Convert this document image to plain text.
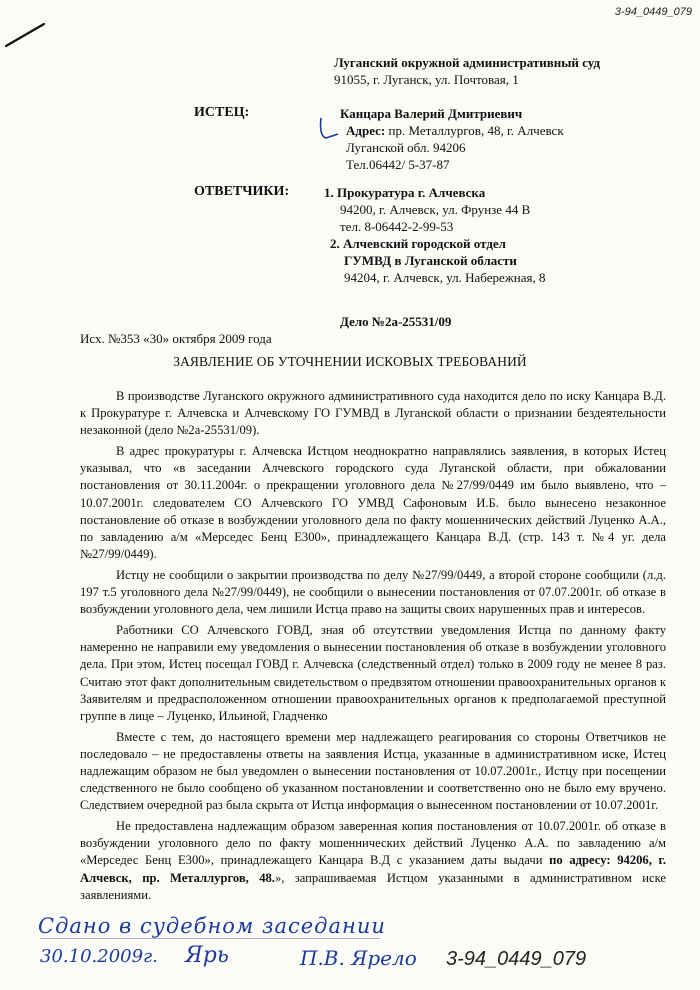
3-94_0449_079
Луганский окружной административный суд
91055, г. Луганск, ул. Почтовая, 1
ИСТЕЦ:	Канцара Валерий Дмитриевич
Адрес: пр. Металлургов, 48, г. Алчевск
Луганской обл. 94206
Тел.06442/ 5-37-87
ОТВЕТЧИКИ:	1. Прокуратура г. Алчевска
94200, г. Алчевск, ул. Фрунзе 44 В
тел. 8-06442-2-99-53
2. Алчевский городской отдел
ГУМВД в Луганской области
94204, г. Алчевск, ул. Набережная, 8
Дело №2а-25531/09
Исх. №353 «30» октября 2009 года
ЗАЯВЛЕНИЕ ОБ УТОЧНЕНИИ ИСКОВЫХ ТРЕБОВАНИЙ

В производстве Луганского окружного административного суда находится дело по иску Канцара В.Д. к Прокуратуре г. Алчевска и Алчевскому ГО ГУМВД в Луганской области о признании бездеятельности незаконной (дело №2а-25531/09).

В адрес прокуратуры г. Алчевска Истцом неоднократно направлялись заявления, в которых Истец указывал, что «в заседании Алчевского городского суда Луганской области, при обжаловании постановления от 30.11.2004г. о прекращении уголовного дела №27/99/0449 им было выявлено, что – 10.07.2001г. следователем СО Алчевского ГО УМВД Сафоновым И.Б. было вынесено незаконное постановление об отказе в возбуждении уголовного дела по факту мошеннических действий Луценко А.А., по завладению а/м «Мерседес Бенц Е300», принадлежащего Канцара В.Д. (стр. 143 т. №4 уг. дела №27/99/0449).

Истцу не сообщили о закрытии производства по делу №27/99/0449, а второй стороне сообщили (л.д. 197 т.5 уголовного дела №27/99/0449), не сообщили о вынесении постановления от 07.07.2001г. об отказе в возбуждении уголовного дела, чем лишили Истца право на защиты своих нарушенных прав и интересов.

Работники СО Алчевского ГОВД, зная об отсутствии уведомления Истца по данному факту намеренно не направили ему уведомления о вынесении постановления об отказе в возбуждении уголовного дела. При этом, Истец посещал ГОВД г. Алчевска (следственный отдел) только в 2009 году не менее 8 раз. Считаю этот факт дополнительным свидетельством о предвзятом отношении правоохранительных органов к Заявителям и предрасположенном отношении правоохранительных органов к предполагаемой преступной группе в лице – Луценко, Ильиной, Гладченко

Вместе с тем, до настоящего времени мер надлежащего реагирования со стороны Ответчиков не последовало – не предоставлены ответы на заявления Истца, указанные в административном иске, Истец надлежащим образом не был уведомлен о вынесении постановления от 10.07.2001г., Истцу при посещении следственного не было сообщено об указанном постановлении и соответственно оно не было ему вручено. Следствием очередной раз была скрыта от Истца информация о вынесенном постановлении от 10.07.2001г.

Не предоставлена надлежащим образом заверенная копия постановления от 10.07.2001г. об отказе в возбуждении уголовного дело по факту мошеннических действий Луценко А.А. по завладению а/м «Мерседес Бенц Е300», принадлежащего Канцара В.Д с указанием даты выдачи по адресу: 94206, г. Алчевск, пр. Металлургов, 48.», запрашиваемая Истцом указанными в административном иске заявлениями.

Сдано в судебном заседании
30.10.2009г. Ярь	П.В. Ярело 3-94_0449_079
